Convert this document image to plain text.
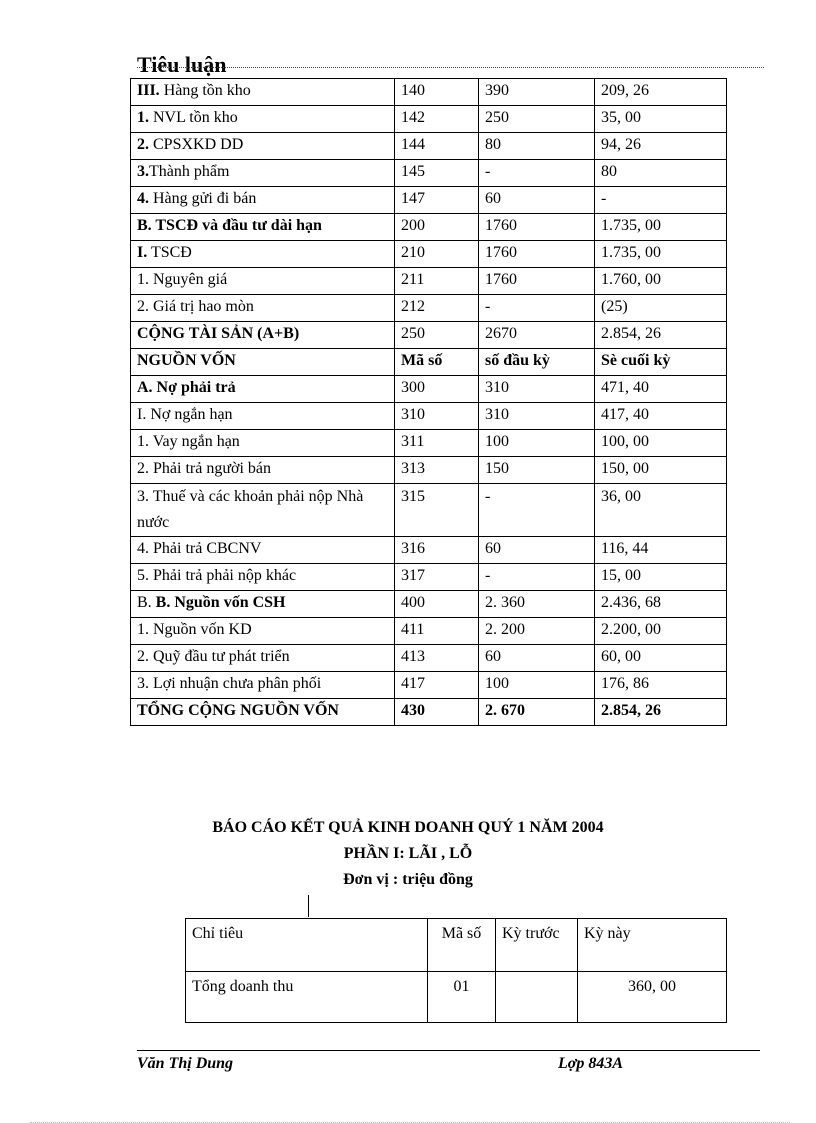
Tiêu luận
III. Hàng tồn kho	140	390	209, 26
1. NVL tồn kho	142	250	35, 00
2. CPSXKD DD	144	80	94, 26
3.Thành phẩm	145	-	80
4. Hàng gửi đi bán	147	60	-
B. TSCĐ và đầu tư dài hạn	200	1760	1.735, 00
I. TSCĐ	210	1760	1.735, 00
1. Nguyên giá	211	1760	1.760, 00
2. Giá trị hao mòn	212	-	(25)
CỘNG TÀI SẢN (A+B)	250	2670	2.854, 26
NGUỒN VỐN	Mã số	số đầu kỳ	Sè cuối kỳ
A. Nợ phải trả	300	310	471, 40
I. Nợ ngắn hạn	310	310	417, 40
1. Vay ngắn hạn	311	100	100, 00
2. Phải trả người bán	313	150	150, 00
3. Thuế và các khoản phải nộp Nhà nước	315	-	36, 00
4. Phải trả CBCNV	316	60	116, 44
5. Phải trả phải nộp khác	317	-	15, 00
B. B. Nguồn vốn CSH	400	2. 360	2.436, 68
1. Nguồn vốn KD	411	2. 200	2.200, 00
2. Quỹ đầu tư phát triển	413	60	60, 00
3. Lợi nhuận chưa phân phối	417	100	176, 86
TỔNG CỘNG NGUỒN VỐN	430	2. 670	2.854, 26
BÁO CÁO KẾT QUẢ KINH DOANH QUÝ 1 NĂM 2004
PHẦN I: LÃI , LỖ
Đơn vị : triệu đồng
Chỉ tiêu	Mã số	Kỳ trước	Kỳ này
Tổng doanh thu	01		360, 00
Văn Thị Dung	Lợp 843A
